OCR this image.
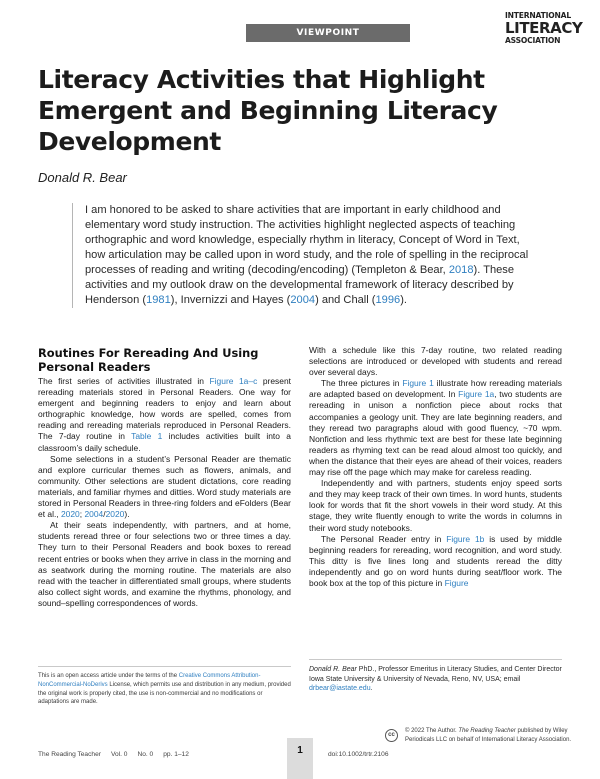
VIEWPOINT
INTERNATIONAL
LITERACY
ASSOCIATION
Literacy Activities that Highlight Emergent and Beginning Literacy Development
Donald R. Bear
I am honored to be asked to share activities that are important in early childhood and elementary word study instruction. The activities highlight neglected aspects of teaching orthographic and word knowledge, especially rhythm in literacy, Concept of Word in Text, how articulation may be called upon in word study, and the role of spelling in the reciprocal processes of reading and writing (decoding/encoding) (Templeton & Bear, 2018). These activities and my outlook draw on the developmental framework of literacy described by Henderson (1981), Invernizzi and Hayes (2004) and Chall (1996).
Routines For Rereading And Using Personal Readers

The first series of activities illustrated in Figure 1a–c present rereading materials stored in Personal Readers. One way for emergent and beginning readers to enjoy and learn about orthographic knowledge, how words are spelled, comes from reading and rereading materials reproduced in Personal Readers. The 7-day routine in Table 1 includes activities built into a classroom’s daily schedule.

Some selections in a student’s Personal Reader are thematic and explore curricular themes such as flowers, animals, and community. Other selections are student dictations, core reading materials, and familiar rhymes and ditties. Word study materials are stored in Personal Readers in three-ring folders and eFolders (Bear et al., 2020; 2004/2020).

At their seats independently, with partners, and at home, students reread three or four selections two or three times a day. They turn to their Personal Readers and book boxes to reread recent entries or books when they arrive in class in the morning and as seatwork during the morning routine. The materials are also read with the teacher in differentiated small groups, where students also collect sight words, and examine the rhythms, phonology, and sound–spelling correspondences of words.

With a schedule like this 7-day routine, two related reading selections are introduced or developed with students and reread over several days.

The three pictures in Figure 1 illustrate how rereading materials are adapted based on development. In Figure 1a, two students are rereading in unison a nonfiction piece about rocks that accompanies a geology unit. They are late beginning readers, and they reread two paragraphs aloud with good fluency, ~70 wpm. Nonfiction and less rhythmic text are best for these late beginning readers as rhyming text can be read aloud almost too quickly, and when the distance that their eyes are ahead of their voices, readers may rise off the page which may make for careless reading.

Independently and with partners, students enjoy speed sorts and they may keep track of their own times. In word hunts, students look for words that fit the short vowels in their word study. At this stage, they write fluently enough to write the words in columns in their word study notebooks.

The Personal Reader entry in Figure 1b is used by middle beginning readers for rereading, word recognition, and word study. This ditty is five lines long and students reread the ditty independently and go on word hunts during seat/floor work. The book box at the top of this picture in Figure

This is an open access article under the terms of the Creative Commons Attribution-NonCommercial-NoDerivs License, which permits use and distribution in any medium, provided the original work is properly cited, the use is non-commercial and no modifications or adaptations are made.
Donald R. Bear PhD., Professor Emeritus in Literacy Studies, and Center Director Iowa State University & University of Nevada, Reno, NV, USA; email drbear@iastate.edu.
cc
© 2022 The Author. The Reading Teacher published by Wiley Periodicals LLC on behalf of International Literacy Association.
The Reading Teacher Vol. 0 No. 0 pp. 1–12	1	doi:10.1002/trtr.2106
